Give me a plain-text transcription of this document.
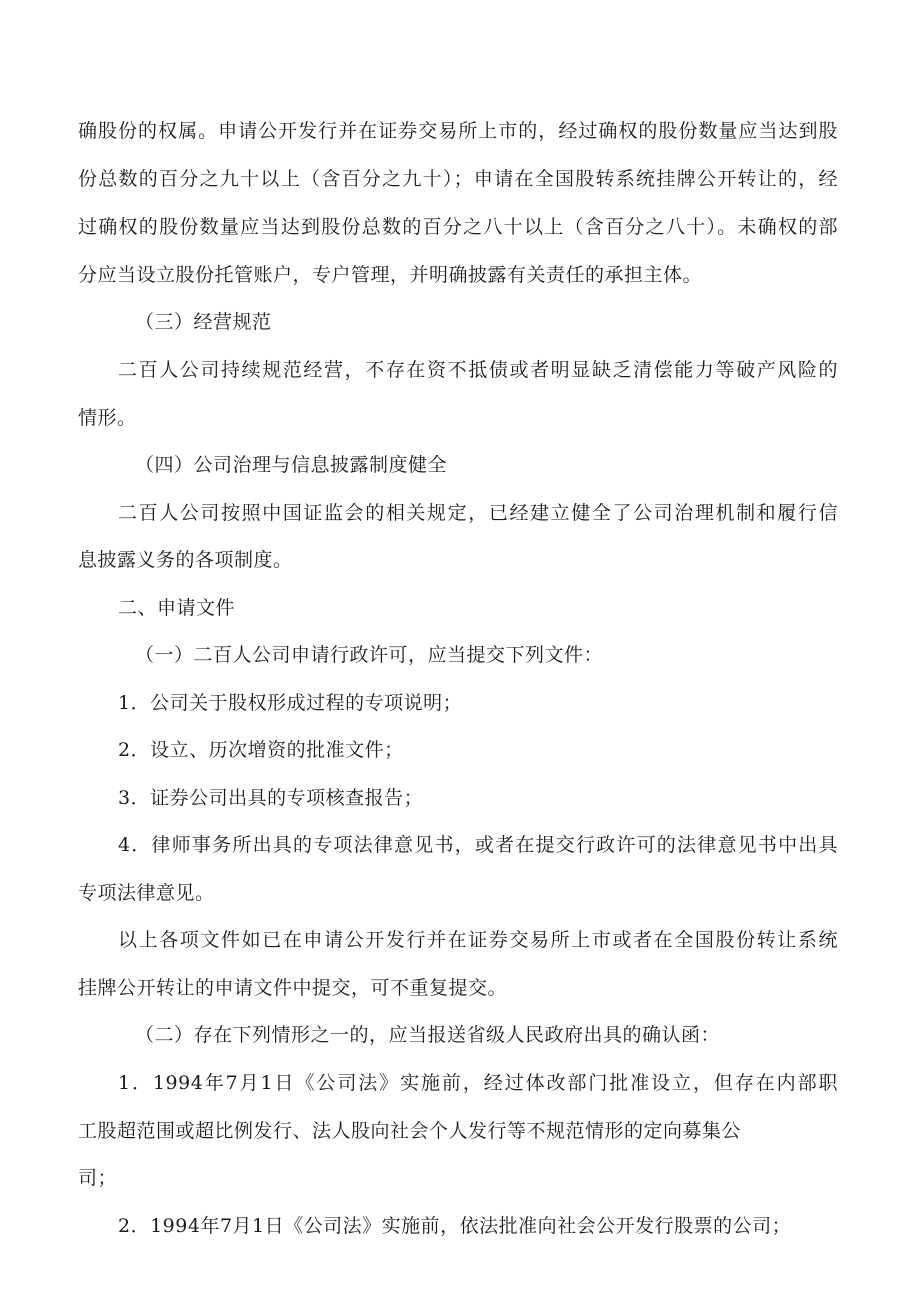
确股份的权属。申请公开发行并在证券交易所上市的，经过确权的股份数量应当达到股
份总数的百分之九十以上（含百分之九十）；申请在全国股转系统挂牌公开转让的，经
过确权的股份数量应当达到股份总数的百分之八十以上（含百分之八十）。未确权的部
分应当设立股份托管账户，专户管理，并明确披露有关责任的承担主体。
（三）经营规范
二百人公司持续规范经营，不存在资不抵债或者明显缺乏清偿能力等破产风险的
情形。
（四）公司治理与信息披露制度健全
二百人公司按照中国证监会的相关规定，已经建立健全了公司治理机制和履行信
息披露义务的各项制度。
二、申请文件
（一）二百人公司申请行政许可，应当提交下列文件：
1．公司关于股权形成过程的专项说明；
2．设立、历次增资的批准文件；
3．证券公司出具的专项核查报告；
4．律师事务所出具的专项法律意见书，或者在提交行政许可的法律意见书中出具
专项法律意见。
以上各项文件如已在申请公开发行并在证券交易所上市或者在全国股份转让系统
挂牌公开转让的申请文件中提交，可不重复提交。
（二）存在下列情形之一的，应当报送省级人民政府出具的确认函：
1．1994年7月1日《公司法》实施前，经过体改部门批准设立，但存在内部职
工股超范围或超比例发行、法人股向社会个人发行等不规范情形的定向募集公
司；
2．1994年7月1日《公司法》实施前，依法批准向社会公开发行股票的公司；
